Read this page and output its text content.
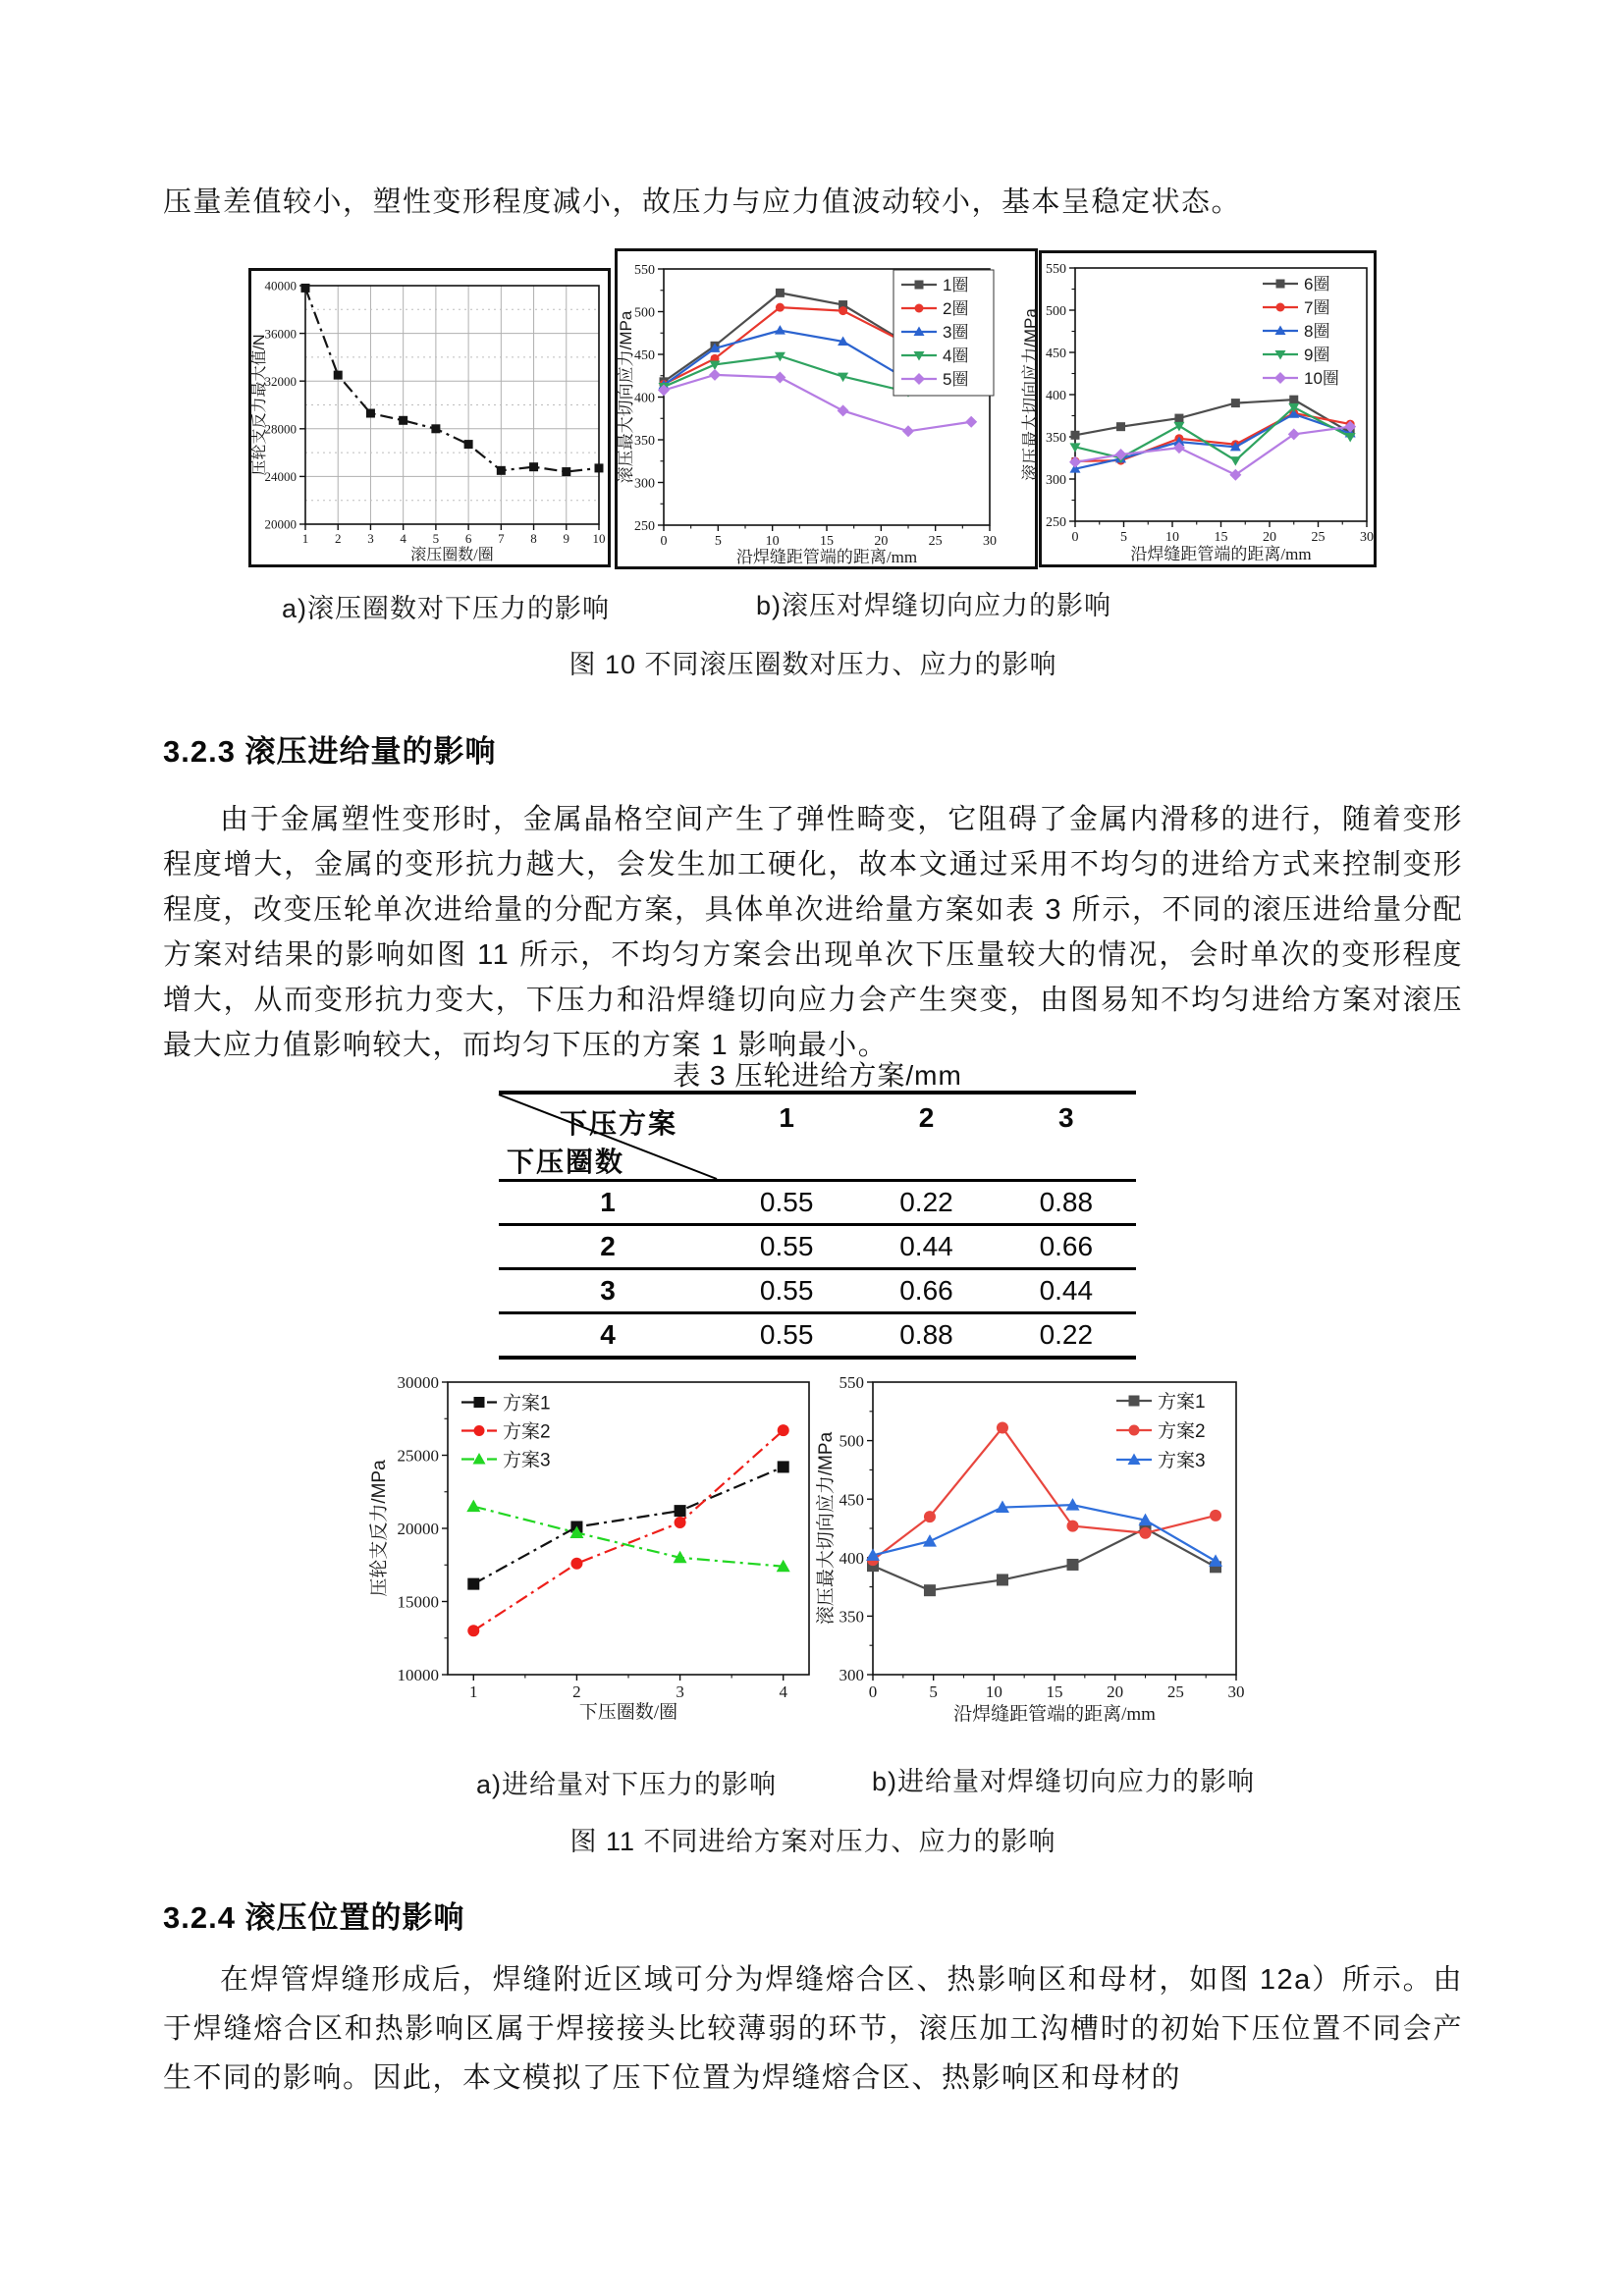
压量差值较小，塑性变形程度减小，故压力与应力值波动较小，基本呈稳定状态。
1 2 3 4 5 6 7 8 9 10
20000
24000
28000
32000
36000
40000
滚压圈数/圈
压轮支反力最大值/N
0	5	10	15	20	25	30
250
300
350
400
450
500
550
沿焊缝距管端的距离/mm
滚压最大切向应力/MPa
1圈
2圈
3圈
4圈
5圈
0	5	10	15	20	25	30
250
300
350
400
450
500
550
沿焊缝距管端的距离/mm
滚压最大切向应力/MPa
6圈
7圈
8圈
9圈
10圈
a)滚压圈数对下压力的影响	b)滚压对焊缝切向应力的影响
图 10 不同滚压圈数对压力、应力的影响
3.2.3 滚压进给量的影响
由于金属塑性变形时，金属晶格空间产生了弹性畸变，它阻碍了金属内滑移的进行，随着变形程度增大，金属的变形抗力越大，会发生加工硬化，故本文通过采用不均匀的进给方式来控制变形程度，改变压轮单次进给量的分配方案，具体单次进给量方案如表 3 所示，不同的滚压进给量分配方案对结果的影响如图 11 所示，不均匀方案会出现单次下压量较大的情况，会时单次的变形程度增大，从而变形抗力变大，下压力和沿焊缝切向应力会产生突变，由图易知不均匀进给方案对滚压最大应力值影响较大，而均匀下压的方案 1 影响最小。
表 3 压轮进给方案/mm
下压方案
下压圈数
1	2	3
1	0.55	0.22	0.88
2	0.55	0.44	0.66
3	0.55	0.66	0.44
4	0.55	0.88	0.22
1	2	3	4
10000
15000
20000
25000
30000
下压圈数/圈
压轮支反力/MPa
方案1
方案2
方案3
0	5	10	15	20	25	30
300
350
400
450
500
550
沿焊缝距管端的距离/mm
滚压最大切向应力/MPa
方案1
方案2
方案3
a)进给量对下压力的影响	b)进给量对焊缝切向应力的影响
图 11 不同进给方案对压力、应力的影响
3.2.4 滚压位置的影响
在焊管焊缝形成后，焊缝附近区域可分为焊缝熔合区、热影响区和母材，如图 12a）所示。由于焊缝熔合区和热影响区属于焊接接头比较薄弱的环节，滚压加工沟槽时的初始下压位置不同会产生不同的影响。因此，本文模拟了压下位置为焊缝熔合区、热影响区和母材的
